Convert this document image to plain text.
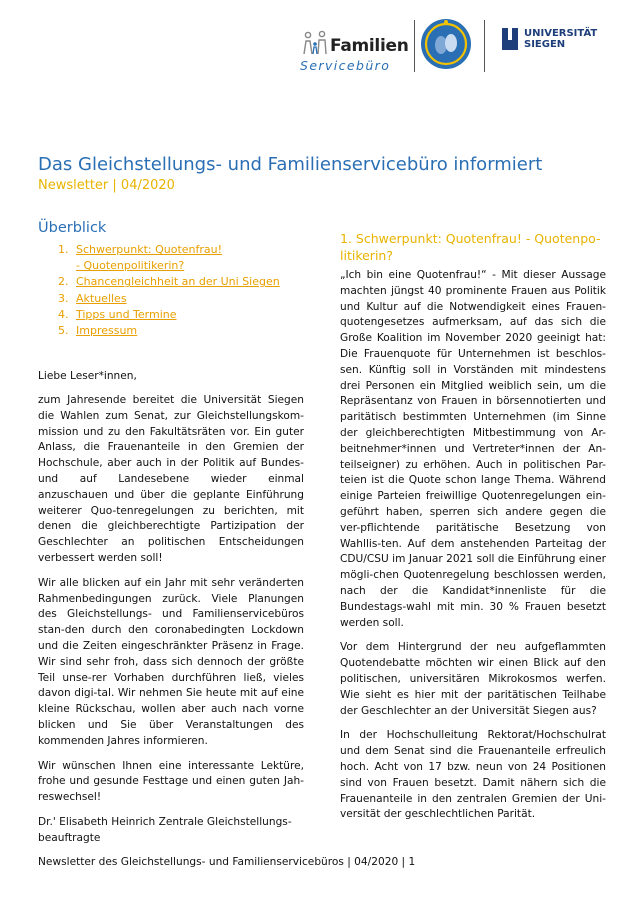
Familien
Servicebüro
UNIVERSITÄT
SIEGEN
Das Gleichstellungs- und Familienservicebüro informiert
Newsletter | 04/2020
Überblick
1. Schwerpunkt: Quotenfrau!
- Quotenpolitikerin?
2. Chancengleichheit an der Uni Siegen
3. Aktuelles
4. Tipps und Termine
5. Impressum

Liebe Leser*innen,

zum Jahresende bereitet die Universität Siegen die Wahlen zum Senat, zur Gleichstellungskom-mission und zu den Fakultätsräten vor. Ein guter Anlass, die Frauenanteile in den Gremien der Hochschule, aber auch in der Politik auf Bundes- und auf Landesebene wieder einmal anzuschauen und über die geplante Einführung weiterer Quo-tenregelungen zu berichten, mit denen die gleichberechtigte Partizipation der Geschlechter an politischen Entscheidungen verbessert werden soll!

Wir alle blicken auf ein Jahr mit sehr veränderten Rahmenbedingungen zurück. Viele Planungen des Gleichstellungs- und Familienservicebüros stan-den durch den coronabedingten Lockdown und die Zeiten eingeschränkter Präsenz in Frage. Wir sind sehr froh, dass sich dennoch der größte Teil unse-rer Vorhaben durchführen ließ, vieles davon digi-tal. Wir nehmen Sie heute mit auf eine kleine Rückschau, wollen aber auch nach vorne blicken und Sie über Veranstaltungen des kommenden Jahres informieren.

Wir wünschen Ihnen eine interessante Lektüre, frohe und gesunde Festtage und einen guten Jah-reswechsel!

Dr.' Elisabeth Heinrich Zentrale Gleichstellungs-beauftragte

1. Schwerpunkt: Quotenfrau! - Quotenpo-litikerin?

„Ich bin eine Quotenfrau!“ - Mit dieser Aussage machten jüngst 40 prominente Frauen aus Politik und Kultur auf die Notwendigkeit eines Frauen-quotengesetzes aufmerksam, auf das sich die Große Koalition im November 2020 geeinigt hat: Die Frauenquote für Unternehmen ist beschlos-sen. Künftig soll in Vorständen mit mindestens drei Personen ein Mitglied weiblich sein, um die Repräsentanz von Frauen in börsennotierten und paritätisch bestimmten Unternehmen (im Sinne der gleichberechtigten Mitbestimmung von Ar-beitnehmer*innen und Vertreter*innen der An-teilseigner) zu erhöhen. Auch in politischen Par-teien ist die Quote schon lange Thema. Während einige Parteien freiwillige Quotenregelungen ein-geführt haben, sperren sich andere gegen die ver-pflichtende paritätische Besetzung von Wahllis-ten. Auf dem anstehenden Parteitag der CDU/CSU im Januar 2021 soll die Einführung einer mögli-chen Quotenregelung beschlossen werden, nach der die Kandidat*innenliste für die Bundestags-wahl mit min. 30 % Frauen besetzt werden soll.

Vor dem Hintergrund der neu aufgeflammten Quotendebatte möchten wir einen Blick auf den politischen, universitären Mikrokosmos werfen. Wie sieht es hier mit der paritätischen Teilhabe der Geschlechter an der Universität Siegen aus?

In der Hochschulleitung Rektorat/Hochschulrat und dem Senat sind die Frauenanteile erfreulich hoch. Acht von 17 bzw. neun von 24 Positionen sind von Frauen besetzt. Damit nähern sich die Frauenanteile in den zentralen Gremien der Uni-versität der geschlechtlichen Parität.

Newsletter des Gleichstellungs- und Familienservicebüros | 04/2020 | 1
